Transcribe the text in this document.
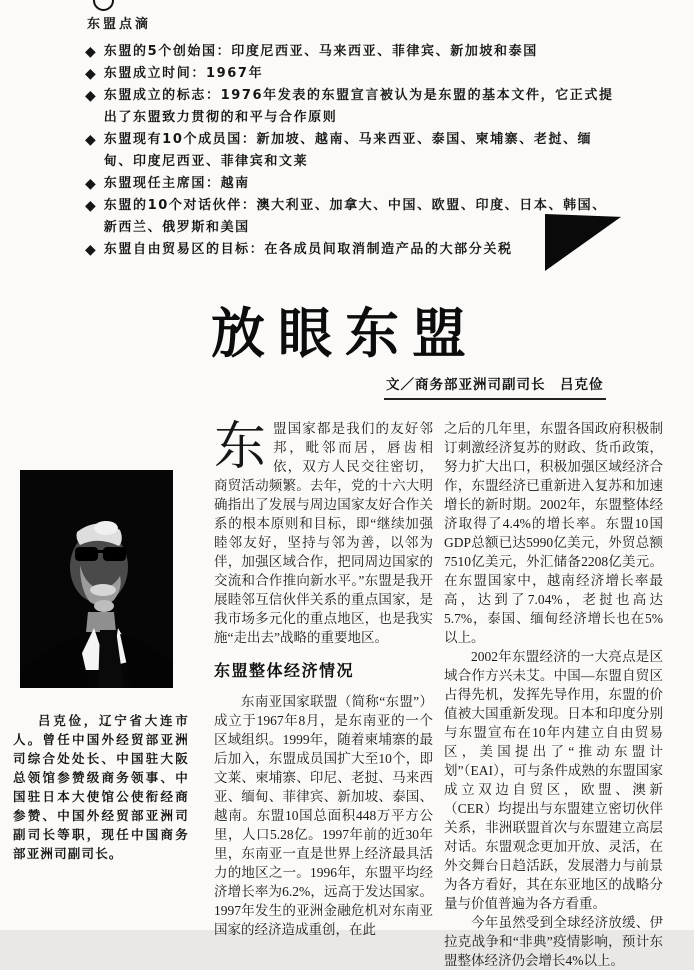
东盟点滴
◆ 东盟的5个创始国：印度尼西亚、马来西亚、菲律宾、新加坡和泰国
◆ 东盟成立时间：1967年
◆ 东盟成立的标志：1976年发表的东盟宣言被认为是东盟的基本文件，它正式提出了东盟致力贯彻的和平与合作原则
◆ 东盟现有10个成员国：新加坡、越南、马来西亚、泰国、柬埔寨、老挝、缅甸、印度尼西亚、菲律宾和文莱
◆ 东盟现任主席国：越南
◆ 东盟的10个对话伙伴：澳大利亚、加拿大、中国、欧盟、印度、日本、韩国、新西兰、俄罗斯和美国
◆ 东盟自由贸易区的目标：在各成员间取消制造产品的大部分关税
放眼东盟
文／商务部亚洲司副司长　吕克俭

吕克俭，辽宁省大连市人。曾任中国外经贸部亚洲司综合处处长、中国驻大阪总领馆参赞级商务领事、中国驻日本大使馆公使衔经商参赞、中国外经贸部亚洲司副司长等职，现任中国商务部亚洲司副司长。

东盟国家都是我们的友好邻邦，毗邻而居，唇齿相依，双方人民交往密切，商贸活动频繁。去年，党的十六大明确指出了发展与周边国家友好合作关系的根本原则和目标，即“继续加强睦邻友好，坚持与邻为善，以邻为伴，加强区域合作，把同周边国家的交流和合作推向新水平。”东盟是我开展睦邻互信伙伴关系的重点国家，是我市场多元化的重点地区，也是我实施“走出去”战略的重要地区。

东盟整体经济情况

东南亚国家联盟（简称“东盟”）成立于1967年8月，是东南亚的一个区域组织。1999年，随着柬埔寨的最后加入，东盟成员国扩大至10个，即文莱、柬埔寨、印尼、老挝、马来西亚、缅甸、菲律宾、新加坡、泰国、越南。东盟10国总面积448万平方公里，人口5.28亿。1997年前的近30年里，东南亚一直是世界上经济最具活力的地区之一。1996年，东盟平均经济增长率为6.2%，远高于发达国家。1997年发生的亚洲金融危机对东南亚国家的经济造成重创，在此

之后的几年里，东盟各国政府积极制订刺激经济复苏的财政、货币政策，努力扩大出口，积极加强区域经济合作，东盟经济已重新进入复苏和加速增长的新时期。2002年，东盟整体经济取得了4.4%的增长率。东盟10国GDP总额已达5990亿美元，外贸总额7510亿美元，外汇储备2208亿美元。在东盟国家中，越南经济增长率最高，达到了7.04%，老挝也高达5.7%，泰国、缅甸经济增长也在5%以上。

2002年东盟经济的一大亮点是区域合作方兴未艾。中国—东盟自贸区占得先机，发挥先导作用，东盟的价值被大国重新发现。日本和印度分别与东盟宣布在10年内建立自由贸易区，美国提出了“推动东盟计划”（EAI），可与条件成熟的东盟国家成立双边自贸区，欧盟、澳新（CER）均提出与东盟建立密切伙伴关系，非洲联盟首次与东盟建立高层对话。东盟观念更加开放、灵活，在外交舞台日趋活跃，发展潜力与前景为各方看好，其在东亚地区的战略分量与价值普遍为各方看重。

今年虽然受到全球经济放缓、伊拉克战争和“非典”疫情影响，预计东盟整体经济仍会增长4%以上。
